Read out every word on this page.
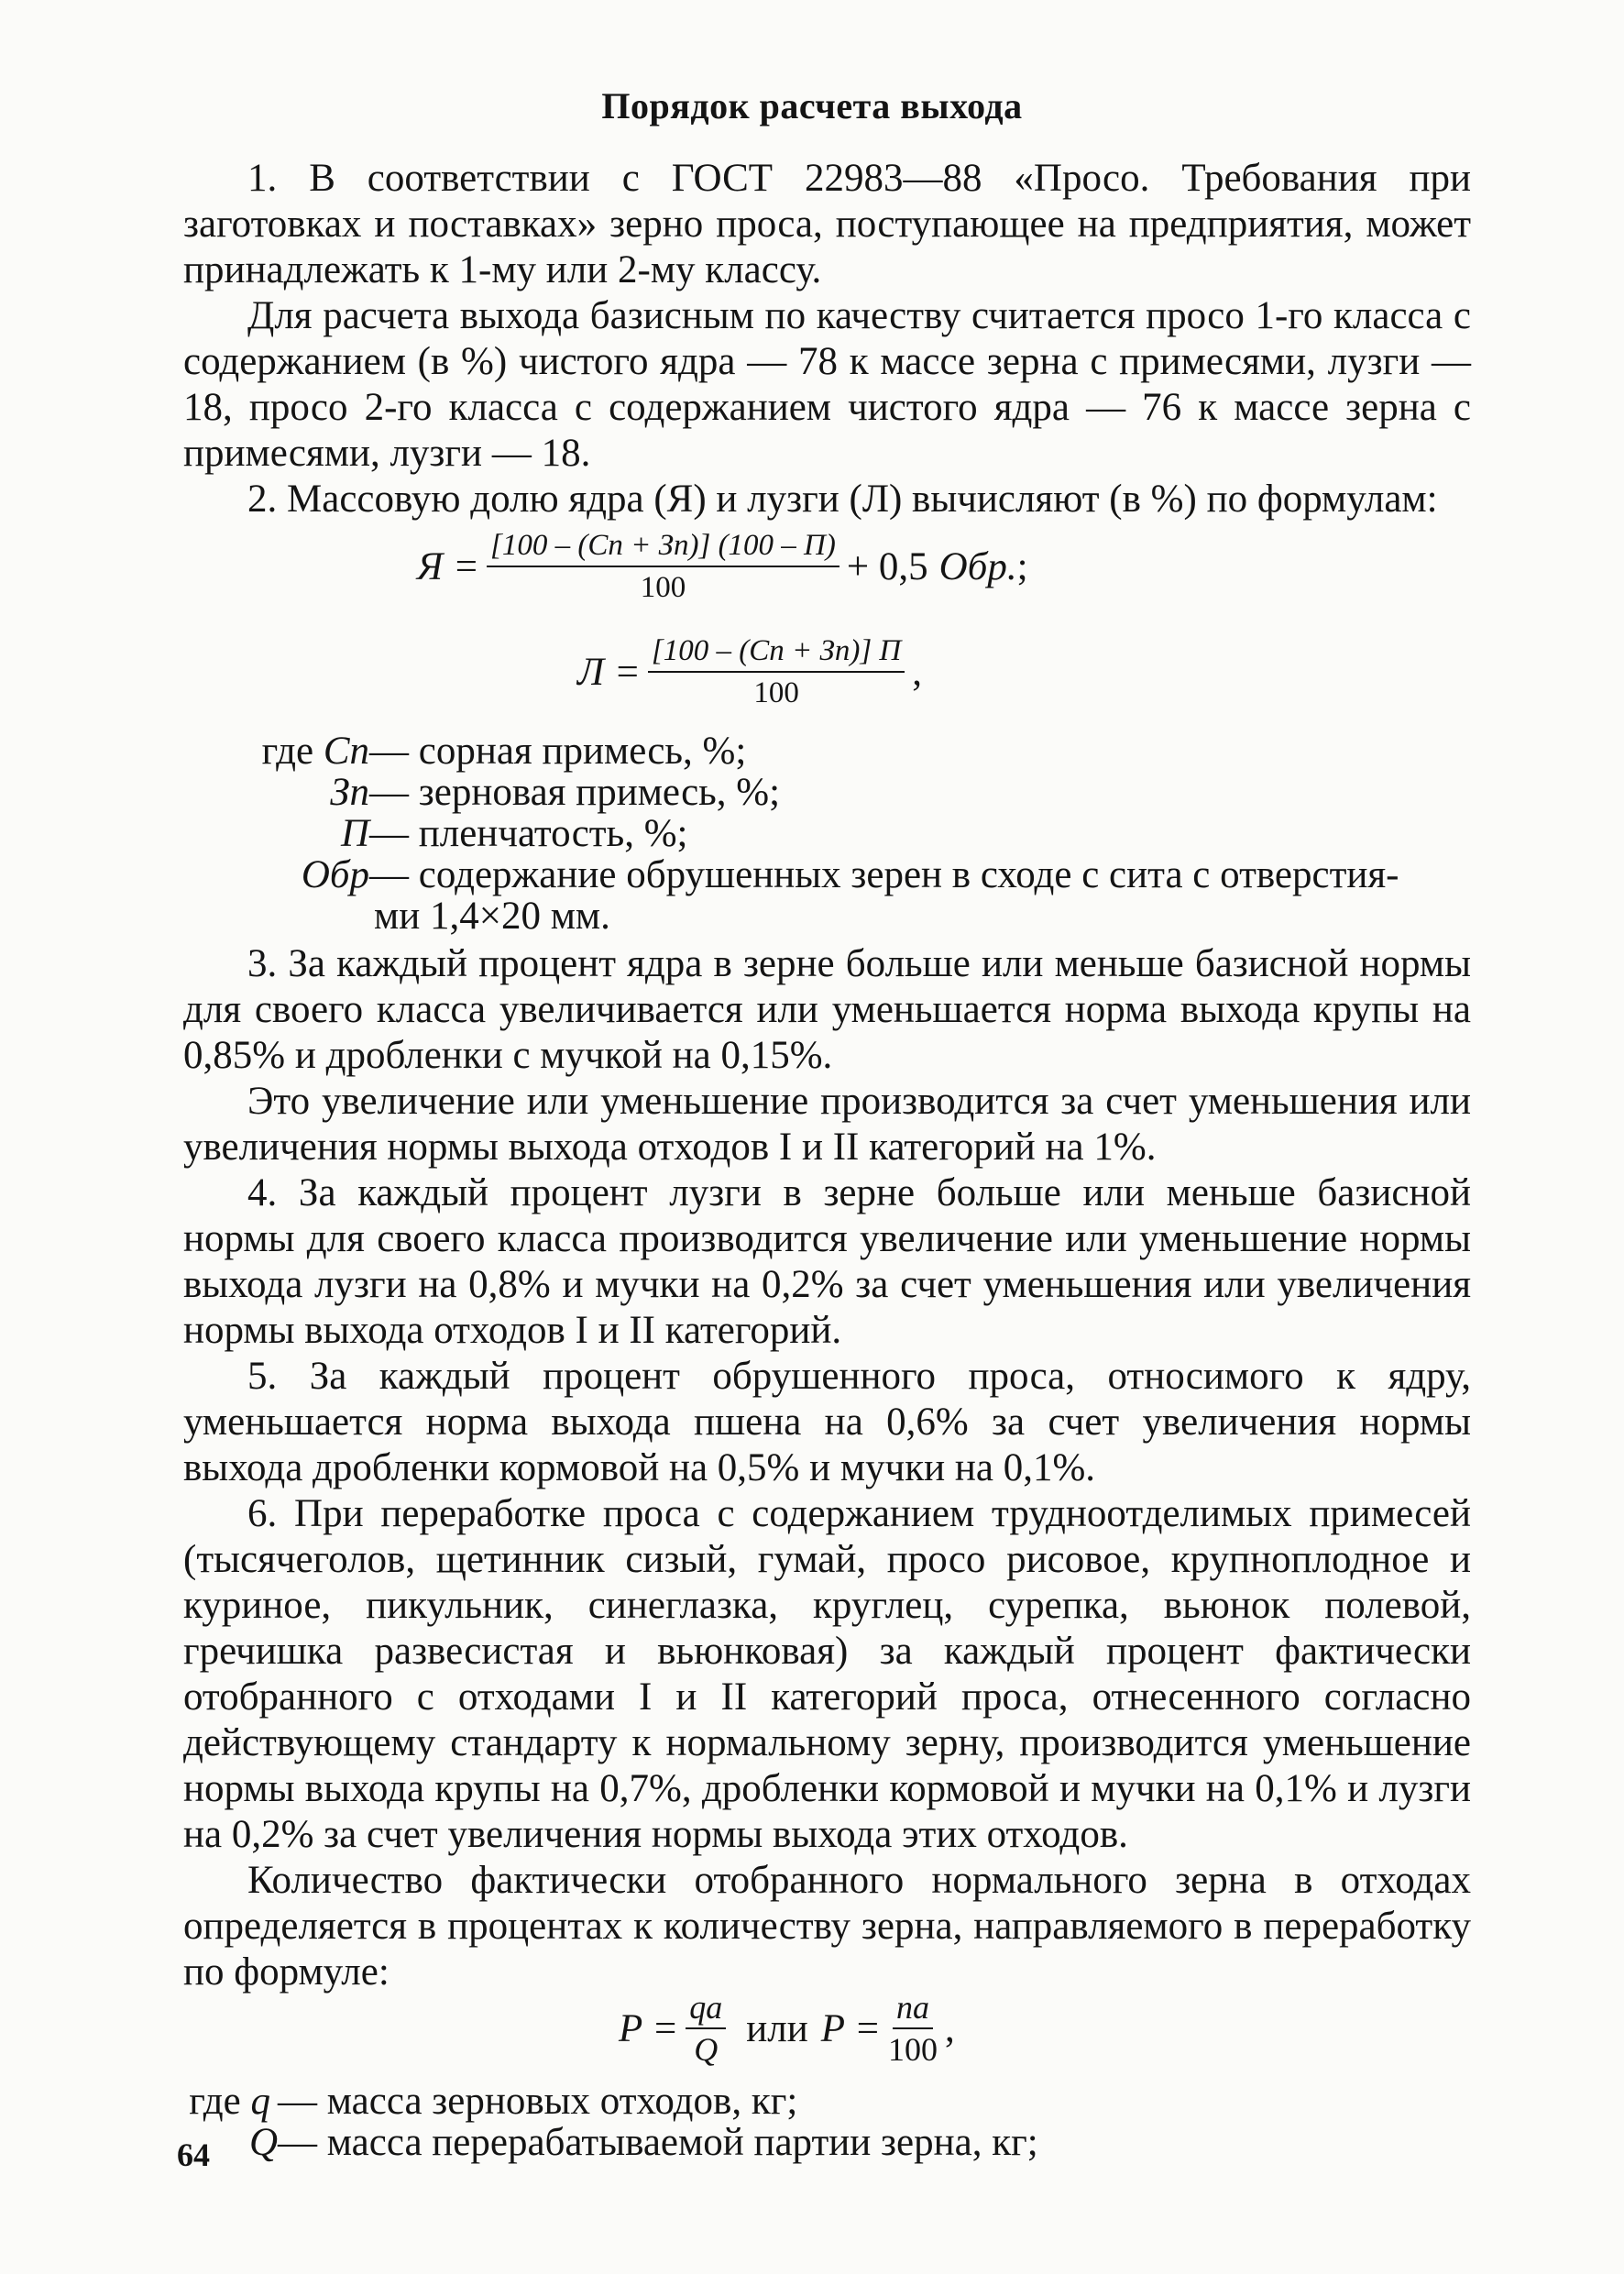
Порядок расчета выхода

1. В соответствии с ГОСТ 22983—88 «Просо. Требования при заготовках и поставках» зерно проса, поступающее на предприятия, может принадлежать к 1-му или 2-му классу.

Для расчета выхода базисным по качеству считается просо 1-го класса с содержанием (в %) чистого ядра — 78 к массе зерна с примесями, лузги — 18, просо 2-го класса с содержанием чистого ядра — 76 к массе зерна с примесями, лузги — 18.

2. Массовую долю ядра (Я) и лузги (Л) вычисляют (в %) по формулам:

$Я = \frac{[100 - (Cп + Зп)] (100 - П)}{100} + 0,5$ Обр. ;
$Л = \frac{[100 - (Cп + Зп)] П}{100}$ ,
где Cп — сорная примесь, %;
Зп — зерновая примесь, %;
П — пленчатость, %;
Обр — содержание обрушенных зерен в сходе с сита с отверстия-
ми 1,4×20 мм.

3. За каждый процент ядра в зерне больше или меньше базисной нормы для своего класса увеличивается или уменьшается норма выхода крупы на 0,85% и дробленки с мучкой на 0,15%.

Это увеличение или уменьшение производится за счет уменьшения или увеличения нормы выхода отходов I и II категорий на 1%.

4. За каждый процент лузги в зерне больше или меньше базисной нормы для своего класса производится увеличение или уменьшение нормы выхода лузги на 0,8% и мучки на 0,2% за счет уменьшения или увеличения нормы выхода отходов I и II категорий.

5. За каждый процент обрушенного проса, относимого к ядру, уменьшается норма выхода пшена на 0,6% за счет увеличения нормы выхода дробленки кормовой на 0,5% и мучки на 0,1%.

6. При переработке проса с содержанием трудноотделимых примесей (тысячеголов, щетинник сизый, гумай, просо рисовое, крупноплодное и куриное, пикульник, синеглазка, круглец, сурепка, вьюнок полевой, гречишка развесистая и вьюнковая) за каждый процент фактически отобранного с отходами I и II категорий проса, отнесенного согласно действующему стандарту к нормальному зерну, производится уменьшение нормы выхода крупы на 0,7%, дробленки кормовой и мучки на 0,1% и лузги на 0,2% за счет увеличения нормы выхода этих отходов.

Количество фактически отобранного нормального зерна в отходах определяется в процентах к количеству зерна, направляемого в переработку по формуле:

$P = \frac{qa}{Q}$ или $P = \frac{na}{100}$ ,
где q — масса зерновых отходов, кг;
Q — масса перерабатываемой партии зерна, кг;
64
